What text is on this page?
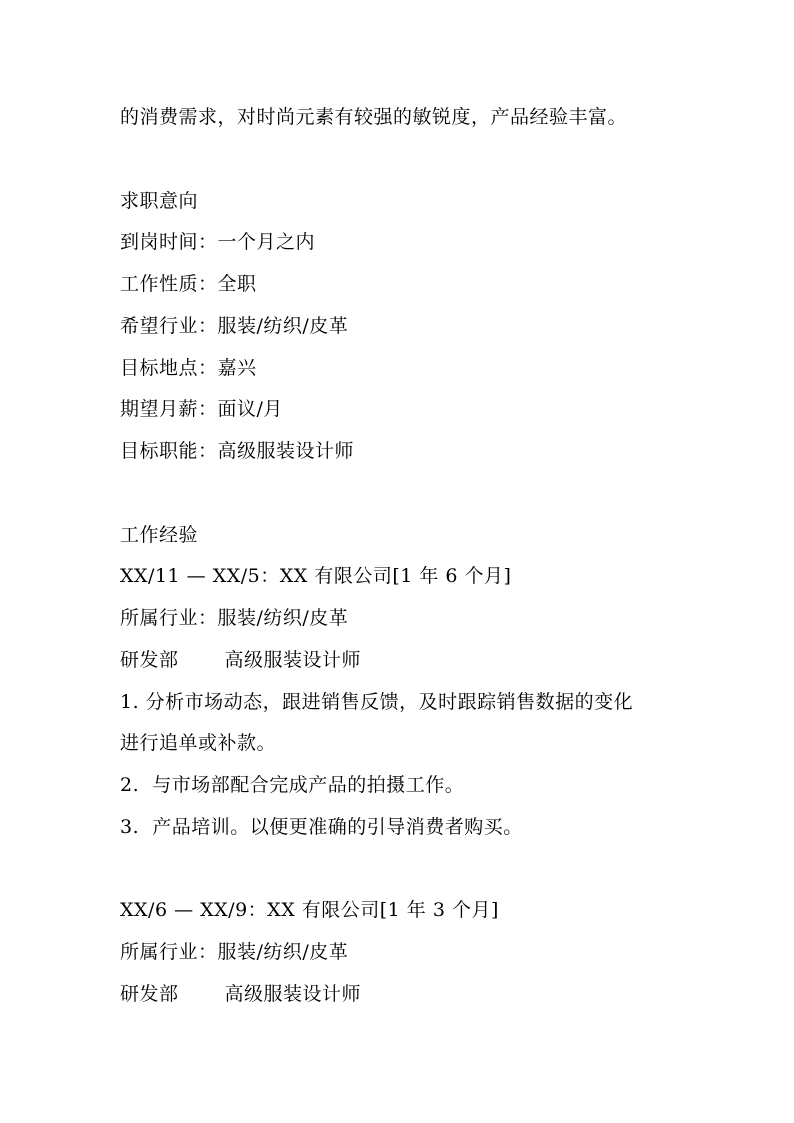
的消费需求，对时尚元素有较强的敏锐度，产品经验丰富。
求职意向
到岗时间：一个月之内
工作性质：全职
希望行业：服装/纺织/皮革
目标地点：嘉兴
期望月薪：面议/月
目标职能：高级服装设计师
工作经验
XX/11 — XX/5：XX 有限公司[1 年 6 个月]
所属行业：服装/纺织/皮革
研发部 高级服装设计师
1. 分析市场动态，跟进销售反馈，及时跟踪销售数据的变化
进行追单或补款。
2.  与市场部配合完成产品的拍摄工作。
3.  产品培训。以便更准确的引导消费者购买。
XX/6 — XX/9：XX 有限公司[1 年 3 个月]
所属行业：服装/纺织/皮革
研发部 高级服装设计师
